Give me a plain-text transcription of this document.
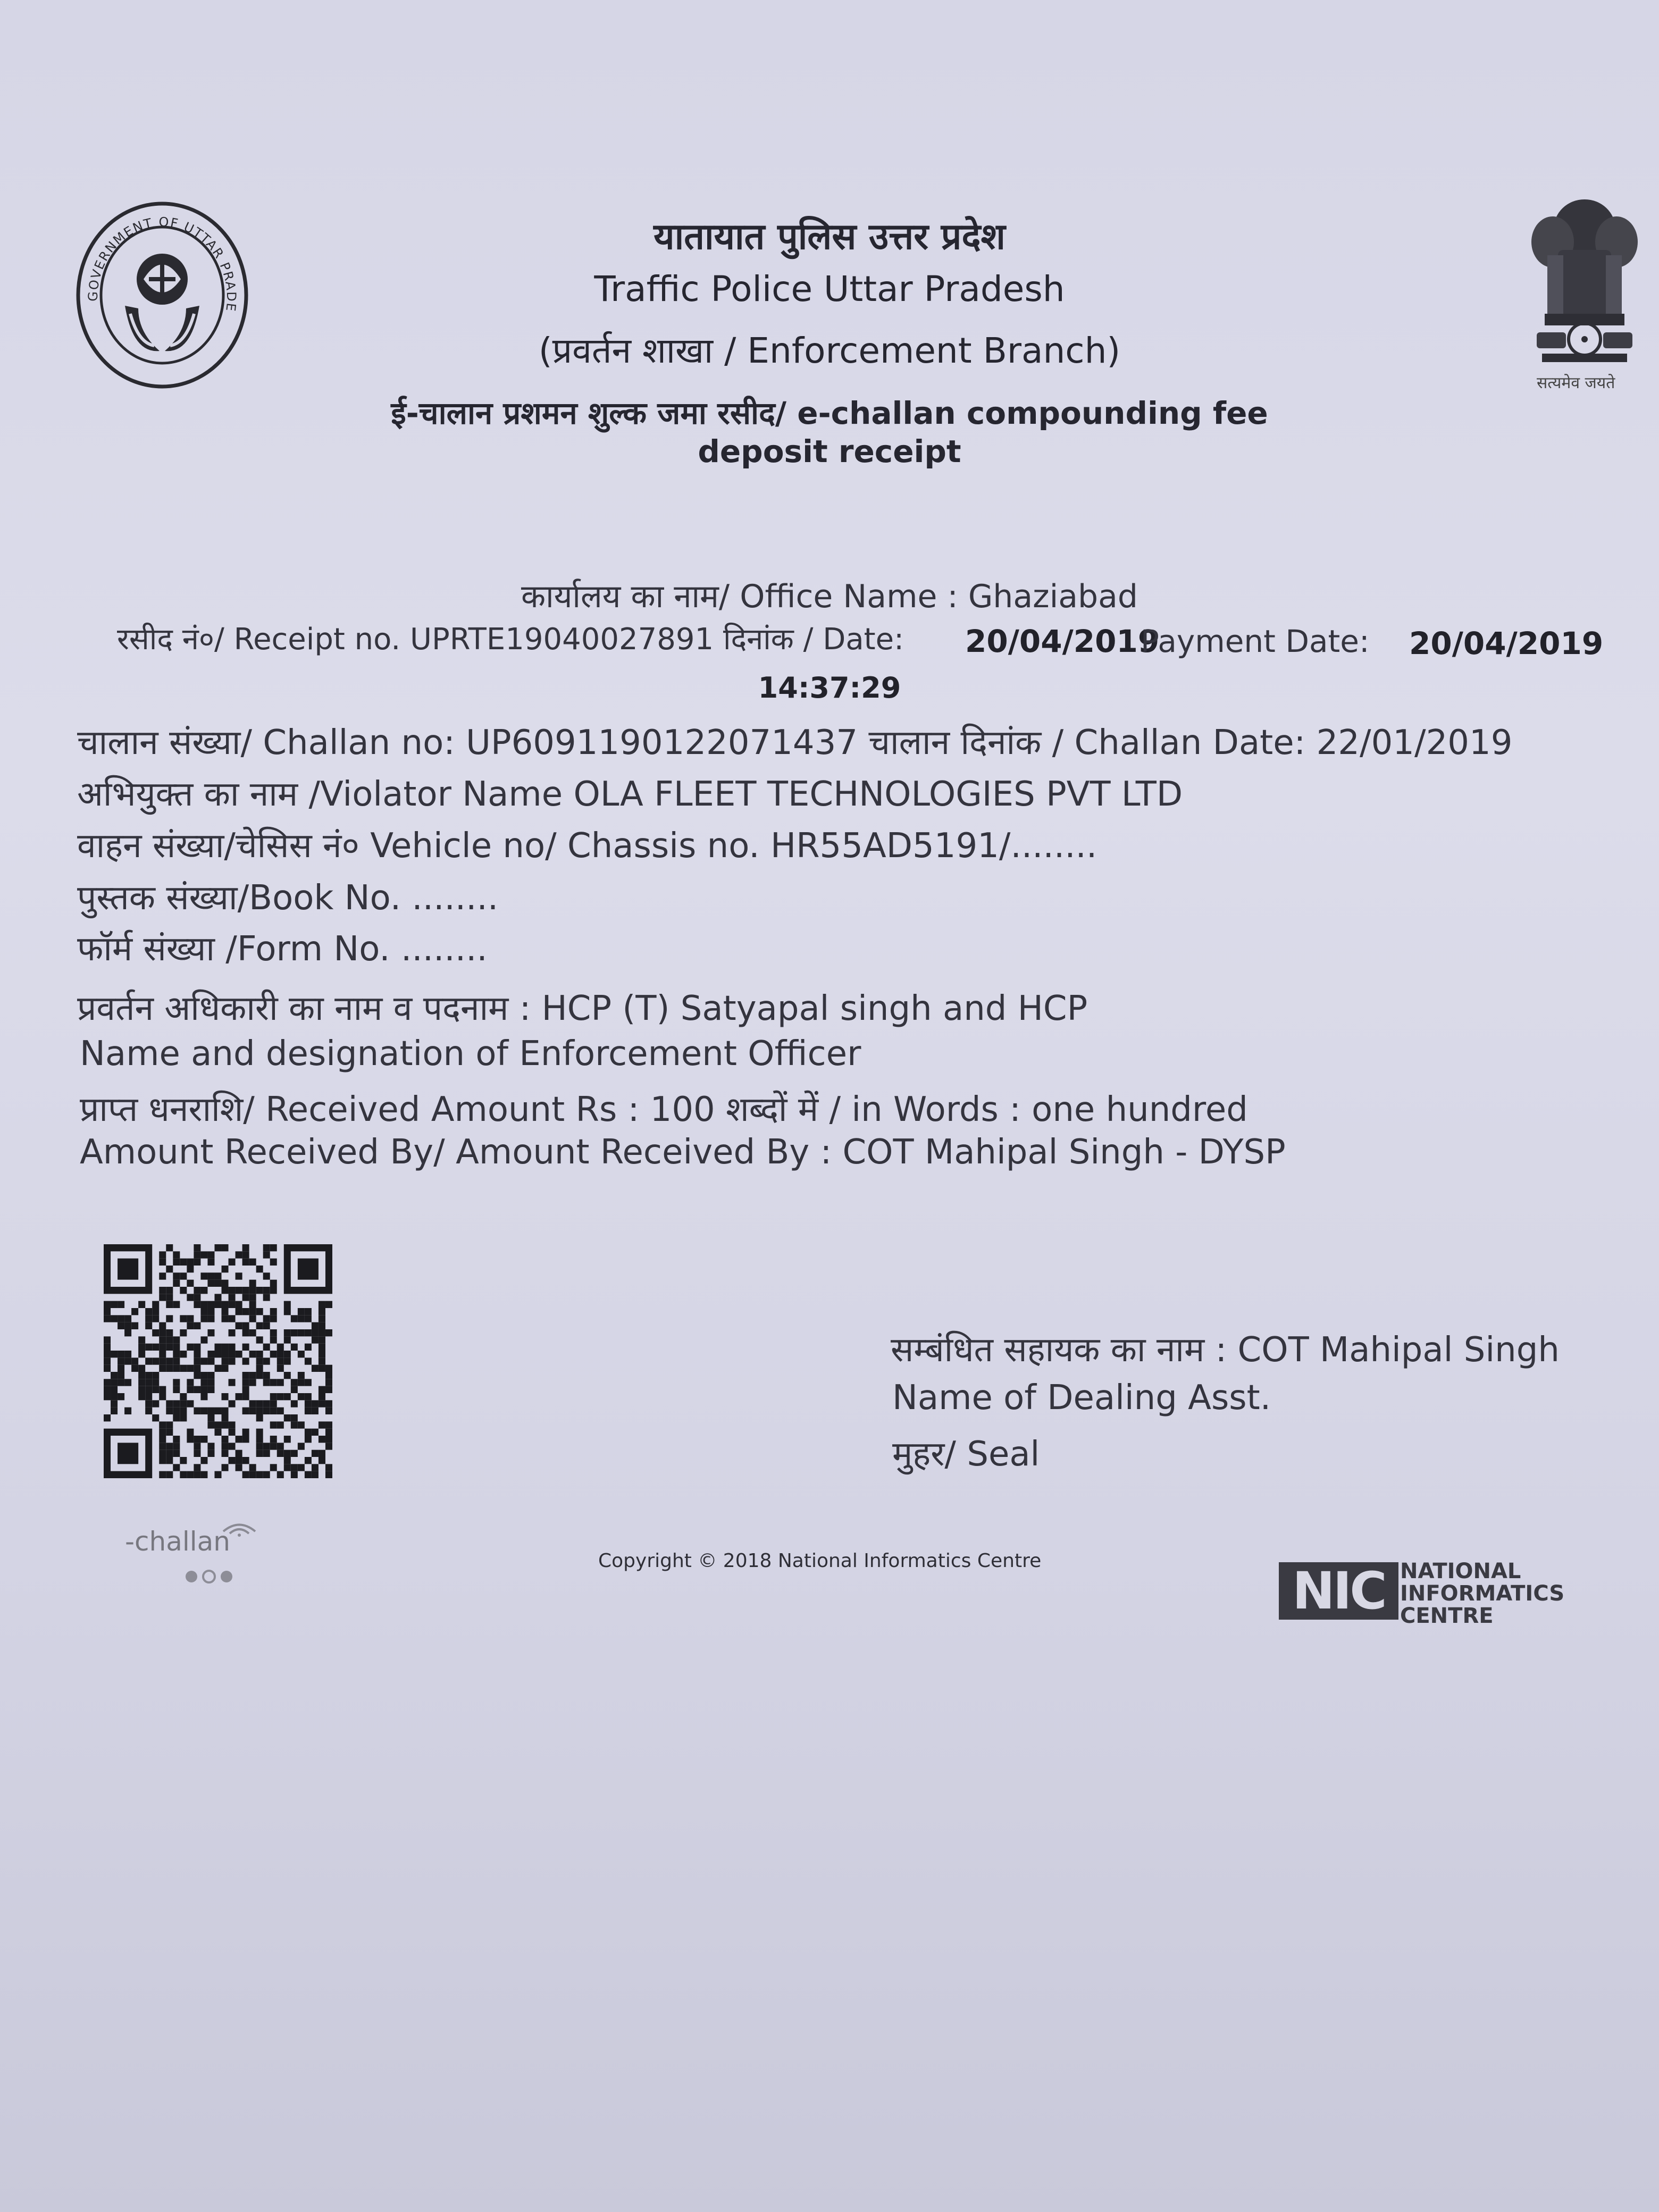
GOVERNMENT OF UTTAR PRADE
सत्यमेव जयते
यातायात पुलिस उत्तर प्रदेश
Traffic Police Uttar Pradesh
(प्रवर्तन शाखा / Enforcement Branch)
ई-चालान प्रशमन शुल्क जमा रसीद/ e-challan compounding fee
deposit receipt
कार्यालय का नाम/ Office Name : Ghaziabad
रसीद नं०/ Receipt no. UPRTE19040027891 दिनांक / Date: 20/04/2019
Payment Date: 20/04/2019
14:37:29
चालान संख्या/ Challan no: UP6091190122071437 चालान दिनांक / Challan Date: 22/01/2019
अभियुक्त का नाम /Violator Name OLA FLEET TECHNOLOGIES PVT LTD
वाहन संख्या/चेसिस नं० Vehicle no/ Chassis no. HR55AD5191/........
पुस्तक संख्या/Book No. ........
फॉर्म संख्या /Form No. ........
प्रवर्तन अधिकारी का नाम व पदनाम : HCP (T) Satyapal singh and HCP
Name and designation of Enforcement Officer
प्राप्त धनराशि/ Received Amount Rs : 100 शब्दों में / in Words : one hundred
Amount Received By/ Amount Received By : COT Mahipal Singh - DYSP
सम्बंधित सहायक का नाम : COT Mahipal Singh
Name of Dealing Asst.
मुहर/ Seal
-challan
Copyright © 2018 National Informatics Centre
NIC NATIONAL
INFORMATICS
CENTRE
